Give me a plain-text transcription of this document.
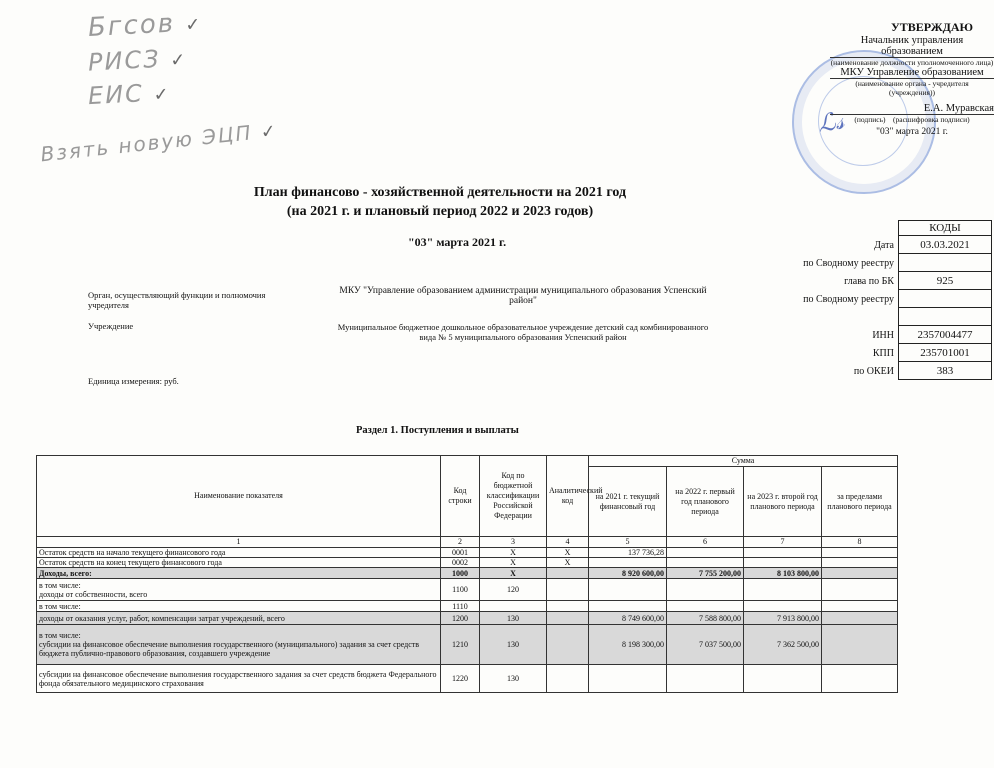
Бгсов ✓
РИСЗ ✓
ЕИС ✓
Взять новую ЭЦП ✓	ℒ𝓈
УТВЕРЖДАЮ
Начальник управления
образованием
(наименование должности уполномоченного лица)
МКУ Управление образованием
(наименование органа - учредителя
(учреждения))
Е.А. Муравская
(подпись) (расшифровка подписи)
"03" марта 2021 г.
План финансово - хозяйственной деятельности на 2021 год
(на 2021 г. и плановый период 2022 и 2023 годов)
"03" марта 2021 г.
Орган, осуществляющий функции и полномочия учредителя
МКУ "Управление образованием администрации муниципального образования Успенский район"
Учреждение	Муниципальное бюджетное дошкольное образовательное учреждение детский сад комбинированного вида № 5 муниципального образования Успенский район
Единица измерения: руб.
КОДЫ
Дата	03.03.2021
по Сводному реестру
глава по БК	925
по Сводному реестру
ИНН	2357004477
КПП	235701001
по ОКЕИ	383
Раздел 1. Поступления и выплаты
Наименование показателя	Код строки	Код по бюджетной классификации Российской Федерации	Аналитический код	Сумма			
				на 2021 г. текущий финансовый год	на 2022 г. первый год планового периода	на 2023 г. второй год планового периода	за пределами планового периода
1	2	3	4	5	6	7	8
Остаток средств на начало текущего финансового года	0001	X	X	137 736,28			
Остаток средств на конец текущего финансового года	0002	X	X				
Доходы, всего:	1000	X		8 920 600,00	7 755 200,00	8 103 800,00	
в том числе:
доходы от собственности, всего	1100	120					
в том числе:	1110						
доходы от оказания услуг, работ, компенсации затрат учреждений, всего	1200	130		8 749 600,00	7 588 800,00	7 913 800,00	
в том числе:
субсидии на финансовое обеспечение выполнения государственного (муниципального) задания за счет средств бюджета публично-правового образования, создавшего учреждение	1210	130		8 198 300,00	7 037 500,00	7 362 500,00	
субсидии на финансовое обеспечение выполнения государственного задания за счет средств бюджета Федерального фонда обязательного медицинского страхования	1220	130					
